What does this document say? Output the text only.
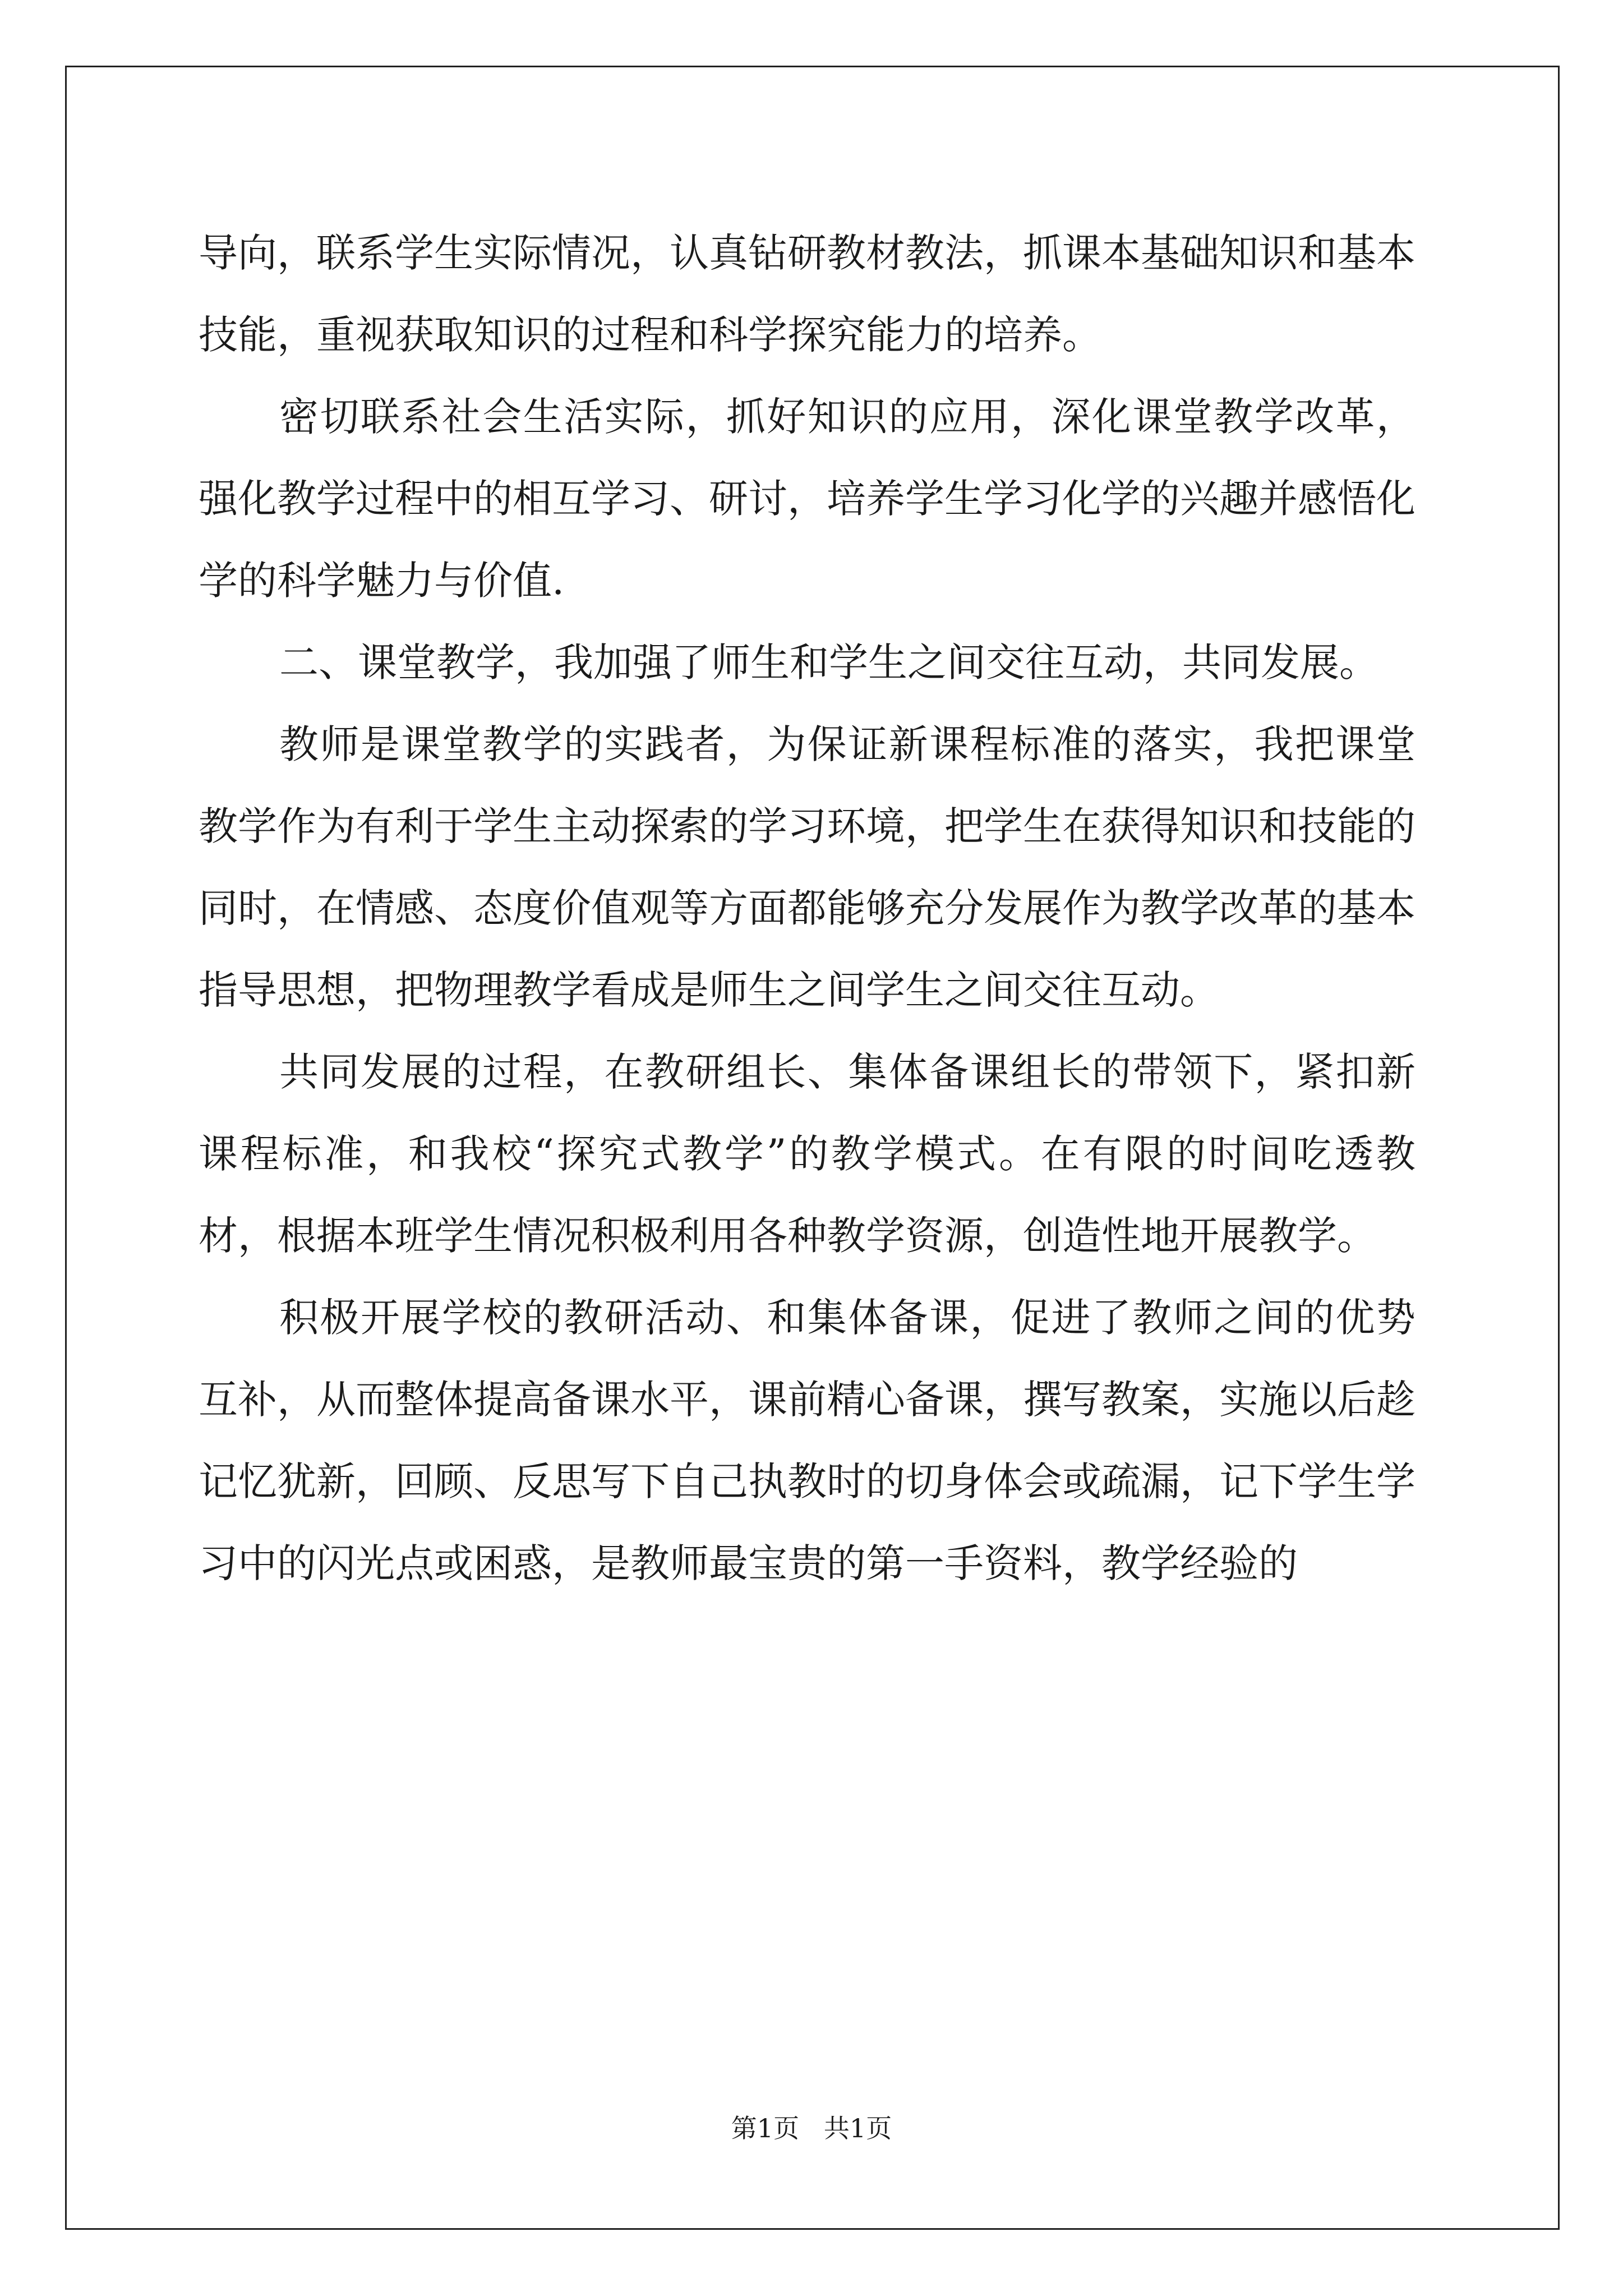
导向，联系学生实际情况，认真钻研教材教法，抓课本基础知识和基本技能，重视获取知识的过程和科学探究能力的培养。

密切联系社会生活实际，抓好知识的应用，深化课堂教学改革，强化教学过程中的相互学习、研讨，培养学生学习化学的兴趣并感悟化学的科学魅力与价值.

二、课堂教学，我加强了师生和学生之间交往互动，共同发展。

教师是课堂教学的实践者，为保证新课程标准的落实，我把课堂教学作为有利于学生主动探索的学习环境，把学生在获得知识和技能的同时，在情感、态度价值观等方面都能够充分发展作为教学改革的基本指导思想，把物理教学看成是师生之间学生之间交往互动。

共同发展的过程，在教研组长、集体备课组长的带领下，紧扣新课程标准，和我校“探究式教学”的教学模式。在有限的时间吃透教材，根据本班学生情况积极利用各种教学资源，创造性地开展教学。

积极开展学校的教研活动、和集体备课，促进了教师之间的优势互补，从而整体提高备课水平，课前精心备课，撰写教案，实施以后趁记忆犹新，回顾、反思写下自己执教时的切身体会或疏漏，记下学生学习中的闪光点或困惑，是教师最宝贵的第一手资料，教学经验的

第1页   共1页
